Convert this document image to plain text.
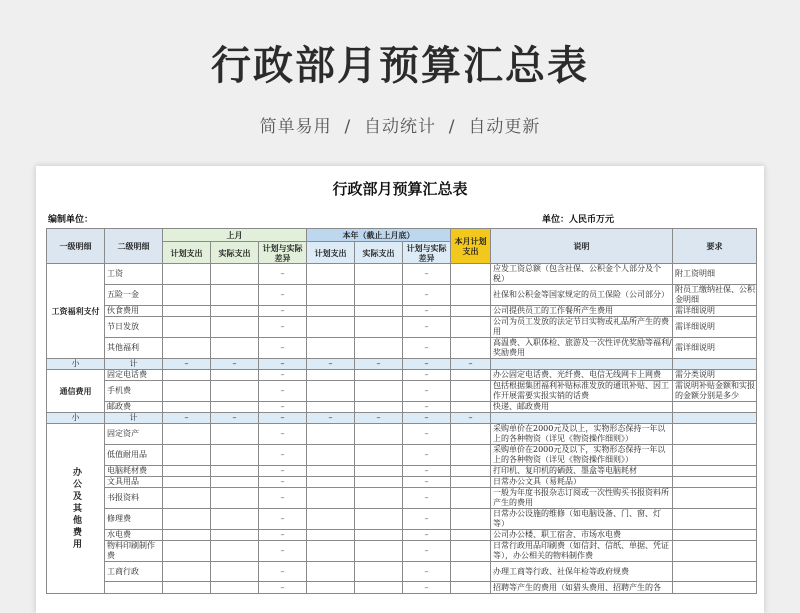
行政部月预算汇总表
简单易用  /  自动统计  /  自动更新
行政部月预算汇总表
编制单位：	单位：人民币万元
一级明细	二级明细	上月			本年（截止上月底）			本月计划支出	说明	要求
		计划支出	实际支出	计划与实际差异	计划支出	实际支出	计划与实际差异			
工资福利支付	工资			–			–		应发工资总额（包含社保、公积金个人部分及个税）	附工资明细
	五险一金			–			–		社保和公积金等国家规定的员工保险（公司部分）	附员工缴纳社保、公积金明细
	伙食费用			–			–		公司提供员工的工作餐所产生费用	需详细说明
	节日发放			–			–		公司为员工发放的法定节日实物或礼品所产生的费用	需详细说明
	其他福利			–			–		高温费、入职体检、旅游及一次性评优奖励等福利/奖励费用	需详细说明
小	计	–	–	–	–	–	–	–		
通信费用	固定电话费			–			–		办公固定电话费、光纤费、电信无线网卡上网费	需分类说明
	手机费			–			–		包括根据集团福利补贴标准发放的通讯补贴、因工作开展需要实报实销的话费	需说明补贴金额和实报的金额分别是多少
	邮政费			–			–		快递、邮政费用	
小	计	–	–	–	–	–	–	–		
办公及其他费用	固定资产			–			–		采购单价在2000元及以上，实物形态保持一年以上的各种物资（详见《物资操作细则》）	
	低值耐用品			–			–		采购单价在2000元及以下，实物形态保持一年以上的各种物资（详见《物资操作细则》）	
	电脑耗材费			–			–		打印机、复印机的硒鼓、墨盒等电脑耗材	
	文具用品			–			–		日常办公文具（易耗品）	
	书报资料			–			–		一般为年度书报杂志订阅或一次性购买书报资料所产生的费用	
	修理费			–			–		日常办公设施的维修（如电脑设备、门、窗、灯等）	
	水电费			–			–		公司办公楼、职工宿舍、市场水电费	
	物料印刷制作费			–			–		日常行政用品印刷费（如信封、信纸、单据、凭证等），办公相关的物料制作费	
	工商行政			–			–		办理工商等行政、社保年检等政府规费	
				–			–		招聘等产生的费用（如猎头费用、招聘产生的各	
